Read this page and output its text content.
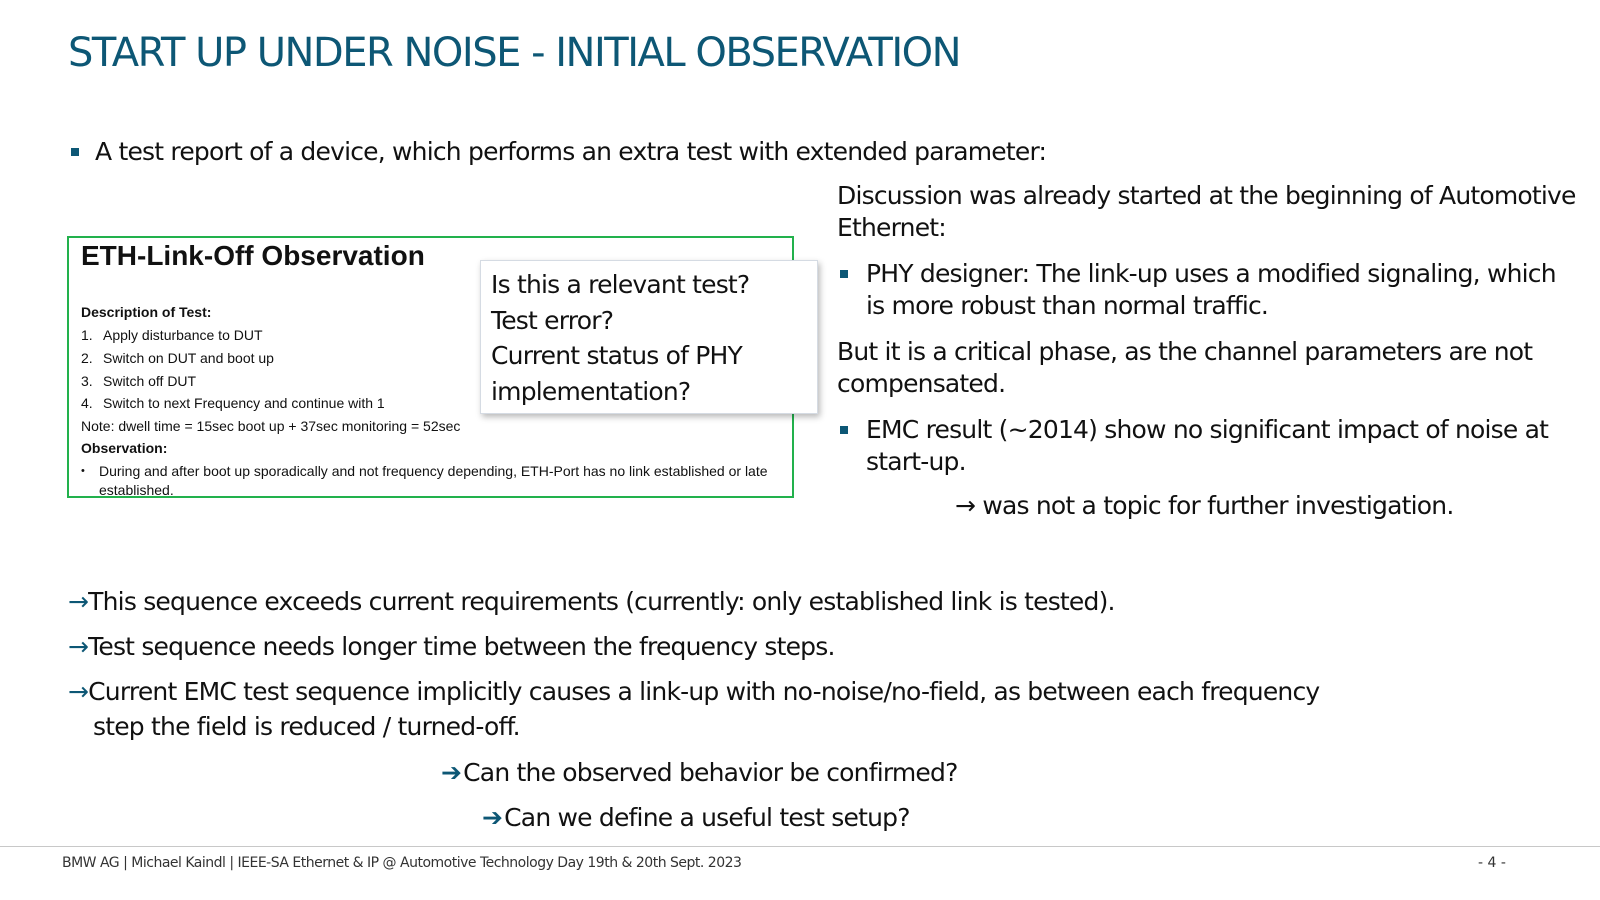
START UP UNDER NOISE - INITIAL OBSERVATION
A test report of a device, which performs an extra test with extended parameter:
ETH-Link-Off Observation
Description of Test:
1. Apply disturbance to DUT
2. Switch on DUT and boot up
3. Switch off DUT
4. Switch to next Frequency and continue with 1
Note: dwell time = 15sec boot up + 37sec monitoring = 52sec
Observation:
•	During and after boot up sporadically and not frequency depending, ETH-Port has no link established or late established.
Is this a relevant test?
Test error?
Current status of PHY
implementation?

Discussion was already started at the beginning of Automotive Ethernet:

PHY designer: The link-up uses a modified signaling, which is more robust than normal traffic.

But it is a critical phase, as the channel parameters are not compensated.

EMC result (~2014) show no significant impact of noise at start-up.
→ was not a topic for further investigation.
→This sequence exceeds current requirements (currently: only established link is tested).
→Test sequence needs longer time between the frequency steps.
→Current EMC test sequence implicitly causes a link-up with no-noise/no-field, as between each frequency
step the field is reduced / turned-off.
➔Can the observed behavior be confirmed?
➔Can we define a useful test setup?
BMW AG | Michael Kaindl | IEEE-SA Ethernet & IP @ Automotive Technology Day 19th & 20th Sept. 2023	- 4 -
